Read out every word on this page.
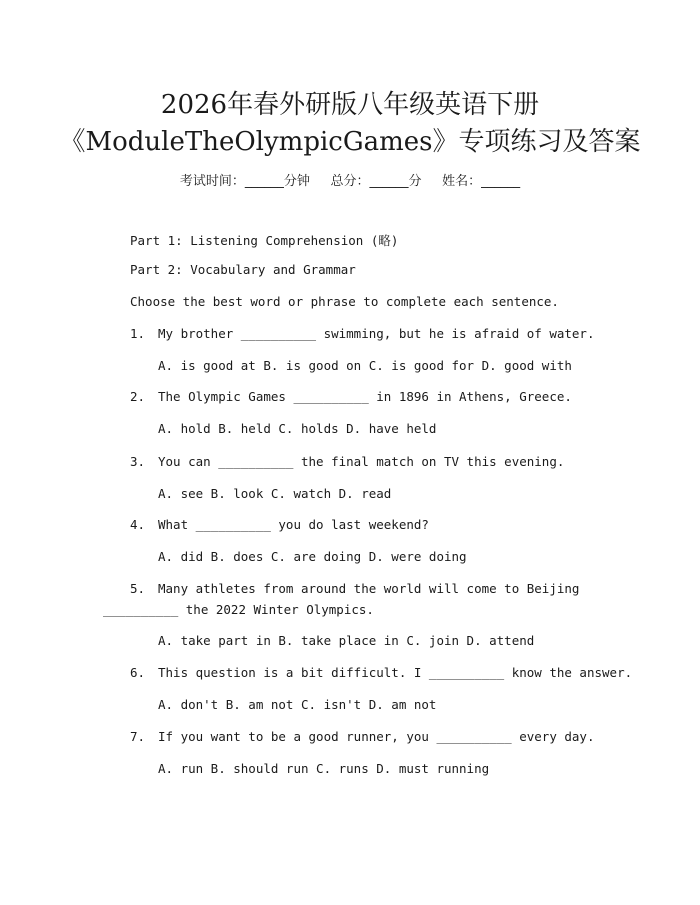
2026年春外研版八年级英语下册
《ModuleTheOlympicGames》专项练习及答案
考试时间：______分钟     总分：______分     姓名：______
Part 1: Listening Comprehension (略)
Part 2: Vocabulary and Grammar
Choose the best word or phrase to complete each sentence.
1. My brother __________ swimming, but he is afraid of water.
A. is good at B. is good on C. is good for D. good with
2. The Olympic Games __________ in 1896 in Athens, Greece.
A. hold B. held C. holds D. have held
3. You can __________ the final match on TV this evening.
A. see B. look C. watch D. read
4. What __________ you do last weekend?
A. did B. does C. are doing D. were doing
5. Many athletes from around the world will come to Beijing
__________ the 2022 Winter Olympics.
A. take part in B. take place in C. join D. attend
6. This question is a bit difficult. I __________ know the answer.
A. don't B. am not C. isn't D. am not
7. If you want to be a good runner, you __________ every day.
A. run B. should run C. runs D. must running
